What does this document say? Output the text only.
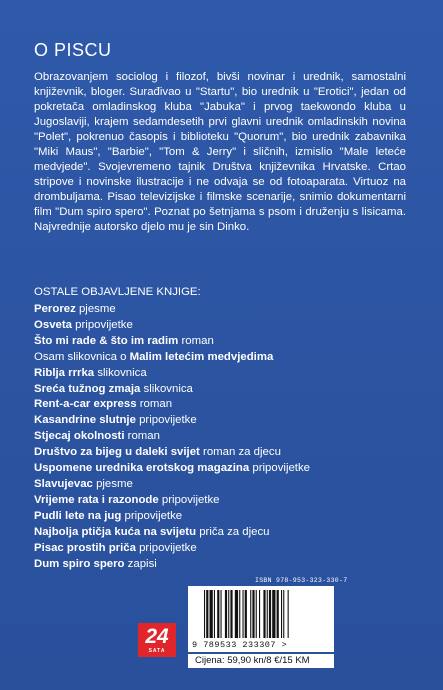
O PISCU

Obrazovanjem sociolog i filozof, bivši novinar i urednik, samostalni književnik, bloger. Surađivao u "Startu", bio urednik u "Erotici", jedan od pokretača omladinskog kluba "Jabuka" i prvog taekwondo kluba u Jugoslaviji, krajem sedamdesetih prvi glavni urednik omladinskih novina "Polet", pokrenuo časopis i biblioteku "Quorum", bio urednik zabavnika "Miki Maus", "Barbie", "Tom & Jerry" i sličnih, izmislio "Male leteće medvjede". Svojevremeno tajnik Društva književnika Hrvatske. Crtao stripove i novinske ilustracije i ne odvaja se od fotoaparata. Virtuoz na drombuljama. Pisao televizijske i filmske scenarije, snimio dokumentarni film "Dum spiro spero". Poznat po šetnjama s psom i druženju s lisicama. Najvrednije autorsko djelo mu je sin Dinko.

OSTALE OBJAVLJENE KNJIGE:

Perorez pjesme
Osveta pripovijetke
Što mi rade & što im radim roman
Osam slikovnica o Malim letećim medvjedima
Riblja rrrka slikovnica
Sreća tužnog zmaja slikovnica
Rent-a-car express roman
Kasandrine slutnje pripovijetke
Stjecaj okolnosti roman
Društvo za bijeg u daleki svijet roman za djecu
Uspomene urednika erotskog magazina pripovijetke
Slavujevac pjesme
Vrijeme rata i razonode pripovijetke
Pudli lete na jug pripovijetke
Najbolja ptičja kuća na svijetu priča za djecu
Pisac prostih priča pripovijetke
Dum spiro spero zapisi
ISBN 978-953-323-330-7
9 789533 233307 >
24
SATA
Cijena: 59,90 kn/8 €/15 KM
